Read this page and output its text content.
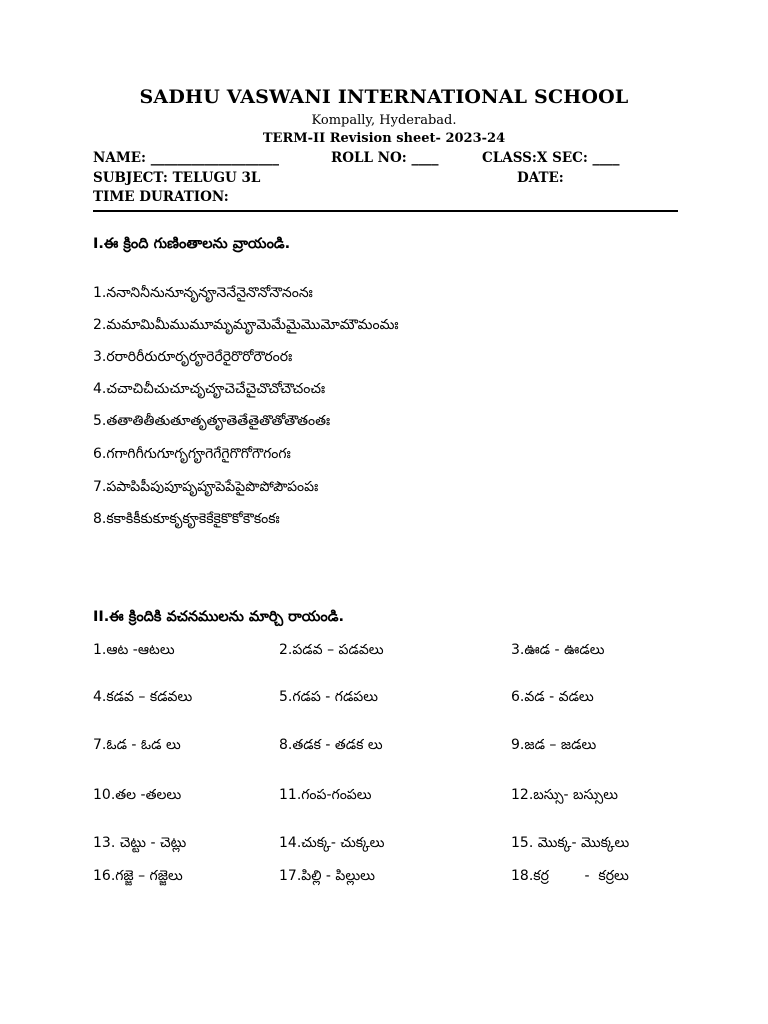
SADHU VASWANI INTERNATIONAL SCHOOL
Kompally, Hyderabad.
TERM-II Revision sheet- 2023-24
NAME: ___________________	ROLL NO: ____	CLASS:X SEC: ____
SUBJECT: TELUGU 3L	DATE:
TIME DURATION:
I.ఈ క్రింది గుణింతాలను వ్రాయండి.
1.ననానినీనునూనృనౄనెనేనైనొనోనౌనంనః
2.మమామిమీముమూమృమౄమెమేమైమొమోమౌమంమః
3.రరారిరీరురూరృరౄరెరేరైరొరోరౌరంరః
4.చచాచిచీచుచూచృచౄచెచేచైచొచోచౌచంచః
5.తతాతితీతుతూతృతౄతెతేతైతొతోతౌతంతః
6.గగాగిగీగుగూగృగౄగెగేగైగొగోగౌగంగః
7.పపాపిపీపుపూపృపౄపెపేపైపొపోపౌపంపః
8.కకాకికీకుకూకృకౄకెకేకైకొకోకౌకంకః
II.ఈ క్రిందికి వచనములను మార్చి రాయండి.
1.ఆట -ఆటలు	2.పడవ – పడవలు	3.ఊడ - ఊడలు
4.కడవ – కడవలు	5.గడప - గడపలు	6.వడ - వడలు
7.ఓడ - ఓడ లు	8.తడక - తడక లు	9.జడ – జడలు
10.తల -తలలు	11.గంప-గంపలు	12.బస్సు- బస్సులు
13. చెట్టు - చెట్లు	14.చుక్క- చుక్కలు	15. మొక్క- మొక్కలు
16.గజ్జె – గజ్జెలు	17.పిల్లి - పిల్లులు	18.కర్ర        -  కర్రలు
